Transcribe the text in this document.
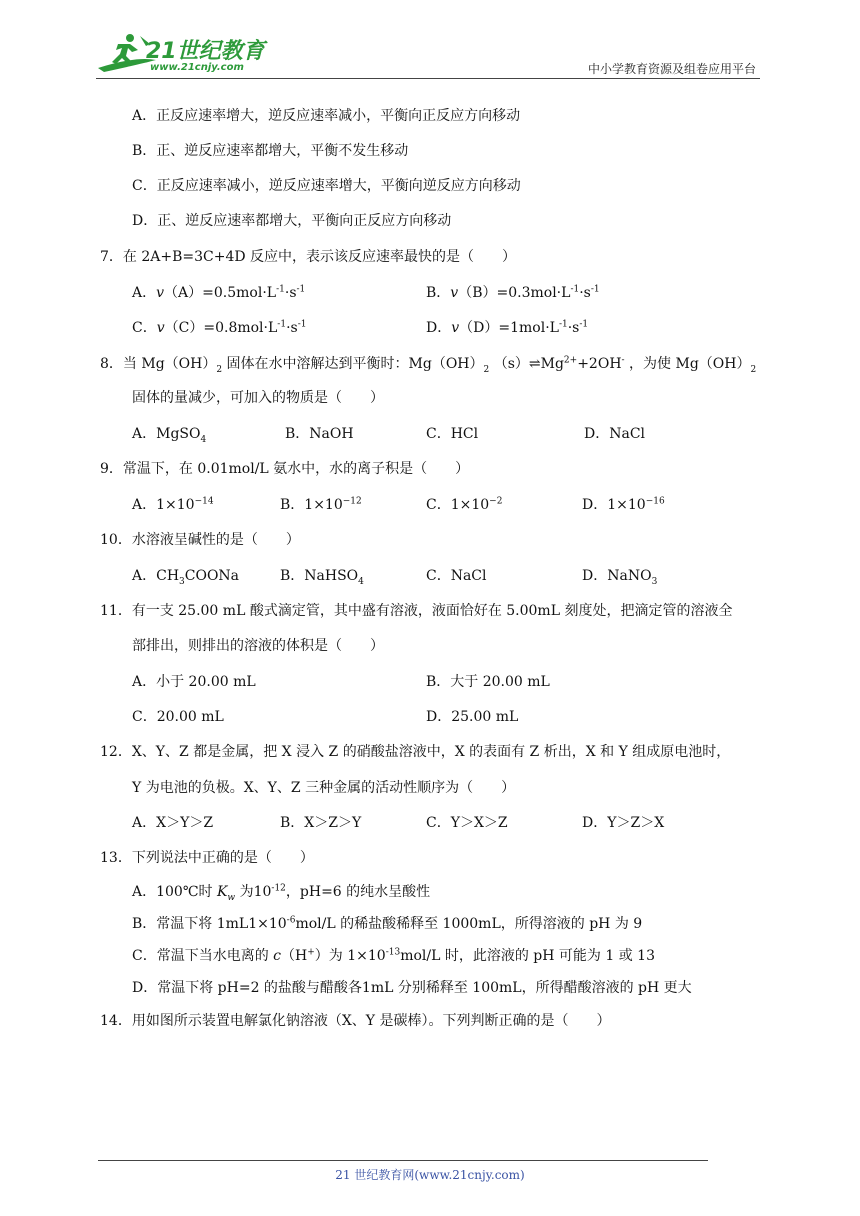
21世纪教育
www.21cnjy.com	中小学教育资源及组卷应用平台
A．正反应速率增大，逆反应速率减小，平衡向正反应方向移动
B．正、逆反应速率都增大，平衡不发生移动
C．正反应速率减小，逆反应速率增大，平衡向逆反应方向移动
D．正、逆反应速率都增大，平衡向正反应方向移动
7．在 2A+B=3C+4D 反应中，表示该反应速率最快的是（　　）
A．$v(A)=0.5mol\cdot L^{-1}\cdot s^{-1}$	B．$v(B)=0.3mol\cdot L^{-1}\cdot s^{-1}$
C．$v(C)=0.8mol\cdot L^{-1}\cdot s^{-1}$	D．$v(D)=1mol\cdot L^{-1}\cdot s^{-1}$
8．当 $Mg(OH)_2$ 固体在水中溶解达到平衡时：$Mg(OH)_2$ $(s)\rightleftharpoons Mg^{2+}+2OH^-$ ，为使 $Mg(OH)_2$
固体的量减少，可加入的物质是（　　）
A．MgSO$_4$	B．NaOH	C．HCl	D．NaCl
9．常温下，在 0.01mol/L 氨水中，水的离子积是（　　）
A．$1\times 10^{-14}$	B．$1\times 10^{-12}$	C．$1\times 10^{-2}$	D．$1\times 10^{-16}$
10．水溶液呈碱性的是（　　）
A．$CH_3COONa$	B．NaHSO$_4$	C．NaCl	D．NaNO$_3$
11．有一支 25.00 mL 酸式滴定管，其中盛有溶液，液面恰好在 5.00mL 刻度处，把滴定管的溶液全
部排出，则排出的溶液的体积是（　　）
A．小于 20.00 mL	B．大于 20.00 mL
C．20.00 mL	D．25.00 mL
12．X、Y、Z 都是金属，把 X 浸入 Z 的硝酸盐溶液中，X 的表面有 Z 析出，X 和 Y 组成原电池时，
Y 为电池的负极。X、Y、Z 三种金属的活动性顺序为（　　）
A．X＞Y＞Z	B．X＞Z＞Y	C．Y＞X＞Z	D．Y＞Z＞X
13．下列说法中正确的是（　　）
A．100℃时 $K_w$ 为$10^{-12}$，pH=6 的纯水呈酸性
B．常温下将 $1mL1\times 10^{-6}mol/L$ 的稀盐酸稀释至 1000mL，所得溶液的 pH 为 9
C．常温下当水电离的 c（H+）为 $1\times 10^{-13}mol/L$ 时，此溶液的 pH 可能为 1 或 13
D．常温下将 pH=2 的盐酸与醋酸各1mL 分别稀释至 100mL，所得醋酸溶液的 pH 更大
14．用如图所示装置电解氯化钠溶液（X、Y 是碳棒）。下列判断正确的是（　　）
21 世纪教育网(www.21cnjy.com)
